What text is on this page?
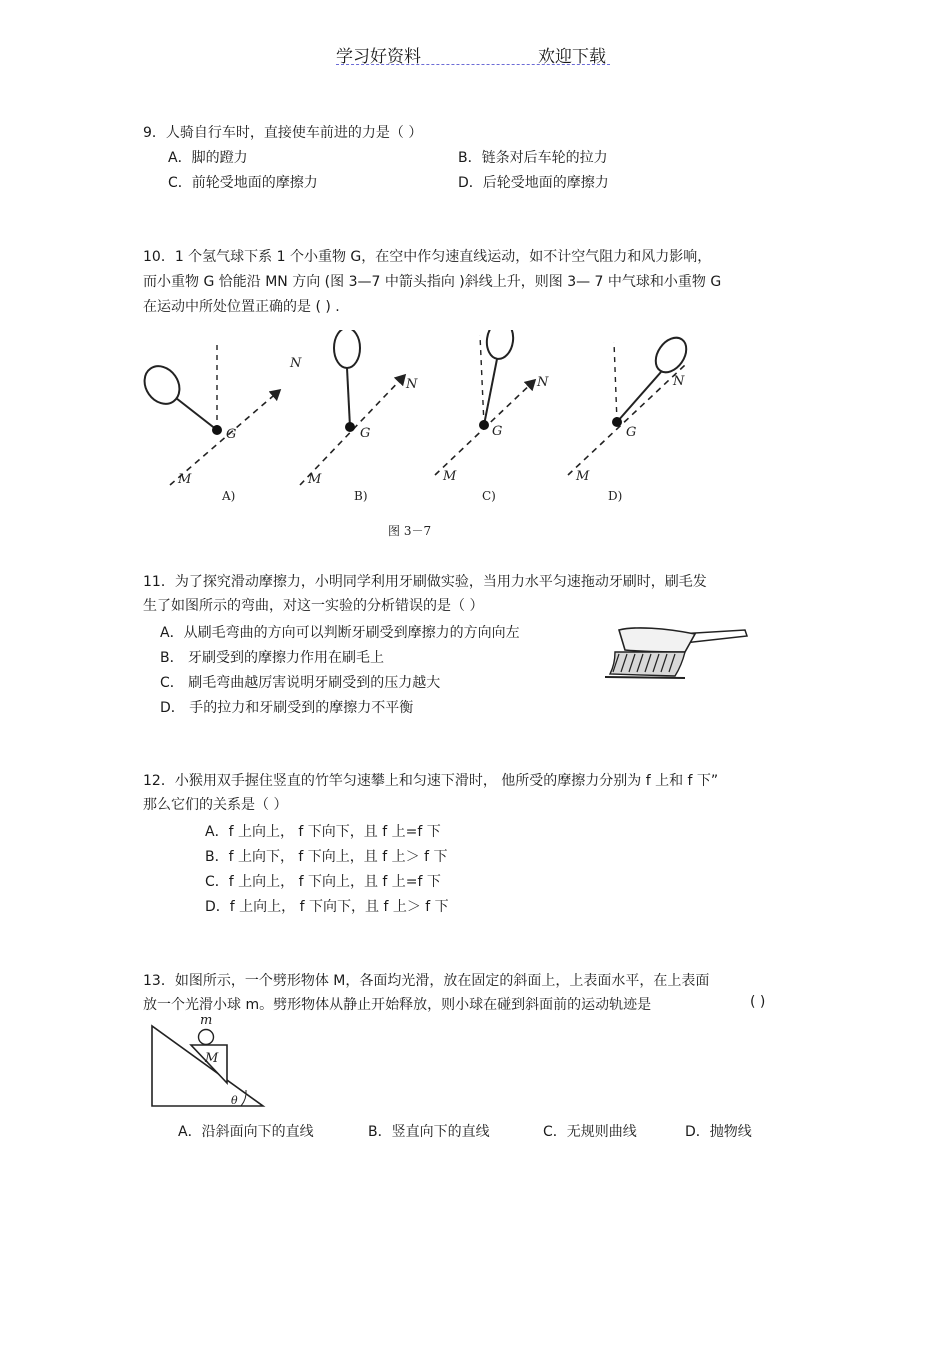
学习好资料	欢迎下载
9．人骑自行车时，直接使车前进的力是（ ）
A．脚的蹬力	B．链条对后车轮的拉力
C．前轮受地面的摩擦力	D．后轮受地面的摩擦力
10．1 个氢气球下系 1 个小重物 G，在空中作匀速直线运动，如不计空气阻力和风力影响，
而小重物 G 恰能沿 MN 方向 (图 3—7 中箭头指向 )斜线上升，则图 3— 7 中气球和小重物 G
在运动中所处位置正确的是 ( ) .
G
M
N
A)
G
M
N
B)
G
M
N
C)
G
M
N
D)
图 3－7
11．为了探究滑动摩擦力，小明同学利用牙刷做实验，当用力水平匀速拖动牙刷时，刷毛发
生了如图所示的弯曲，对这一实验的分析错误的是（ ）
A．从刷毛弯曲的方向可以判断牙刷受到摩擦力的方向向左
B． 牙刷受到的摩擦力作用在刷毛上
C． 刷毛弯曲越厉害说明牙刷受到的压力越大
D． 手的拉力和牙刷受到的摩擦力不平衡
12．小猴用双手握住竖直的竹竿匀速攀上和匀速下滑时， 他所受的摩擦力分别为 f 上和 f 下”
那么它们的关系是（ ）
A．f 上向上， f 下向下，且 f 上=f 下
B．f 上向下， f 下向上，且 f 上＞ f 下
C．f 上向上， f 下向上，且 f 上=f 下
D．f 上向上， f 下向下，且 f 上＞ f 下
13．如图所示，一个劈形物体 M，各面均光滑，放在固定的斜面上，上表面水平，在上表面
放一个光滑小球 m。劈形物体从静止开始释放，则小球在碰到斜面前的运动轨迹是	( )
m
M
θ
A．沿斜面向下的直线	B．竖直向下的直线	C．无规则曲线	D．抛物线
